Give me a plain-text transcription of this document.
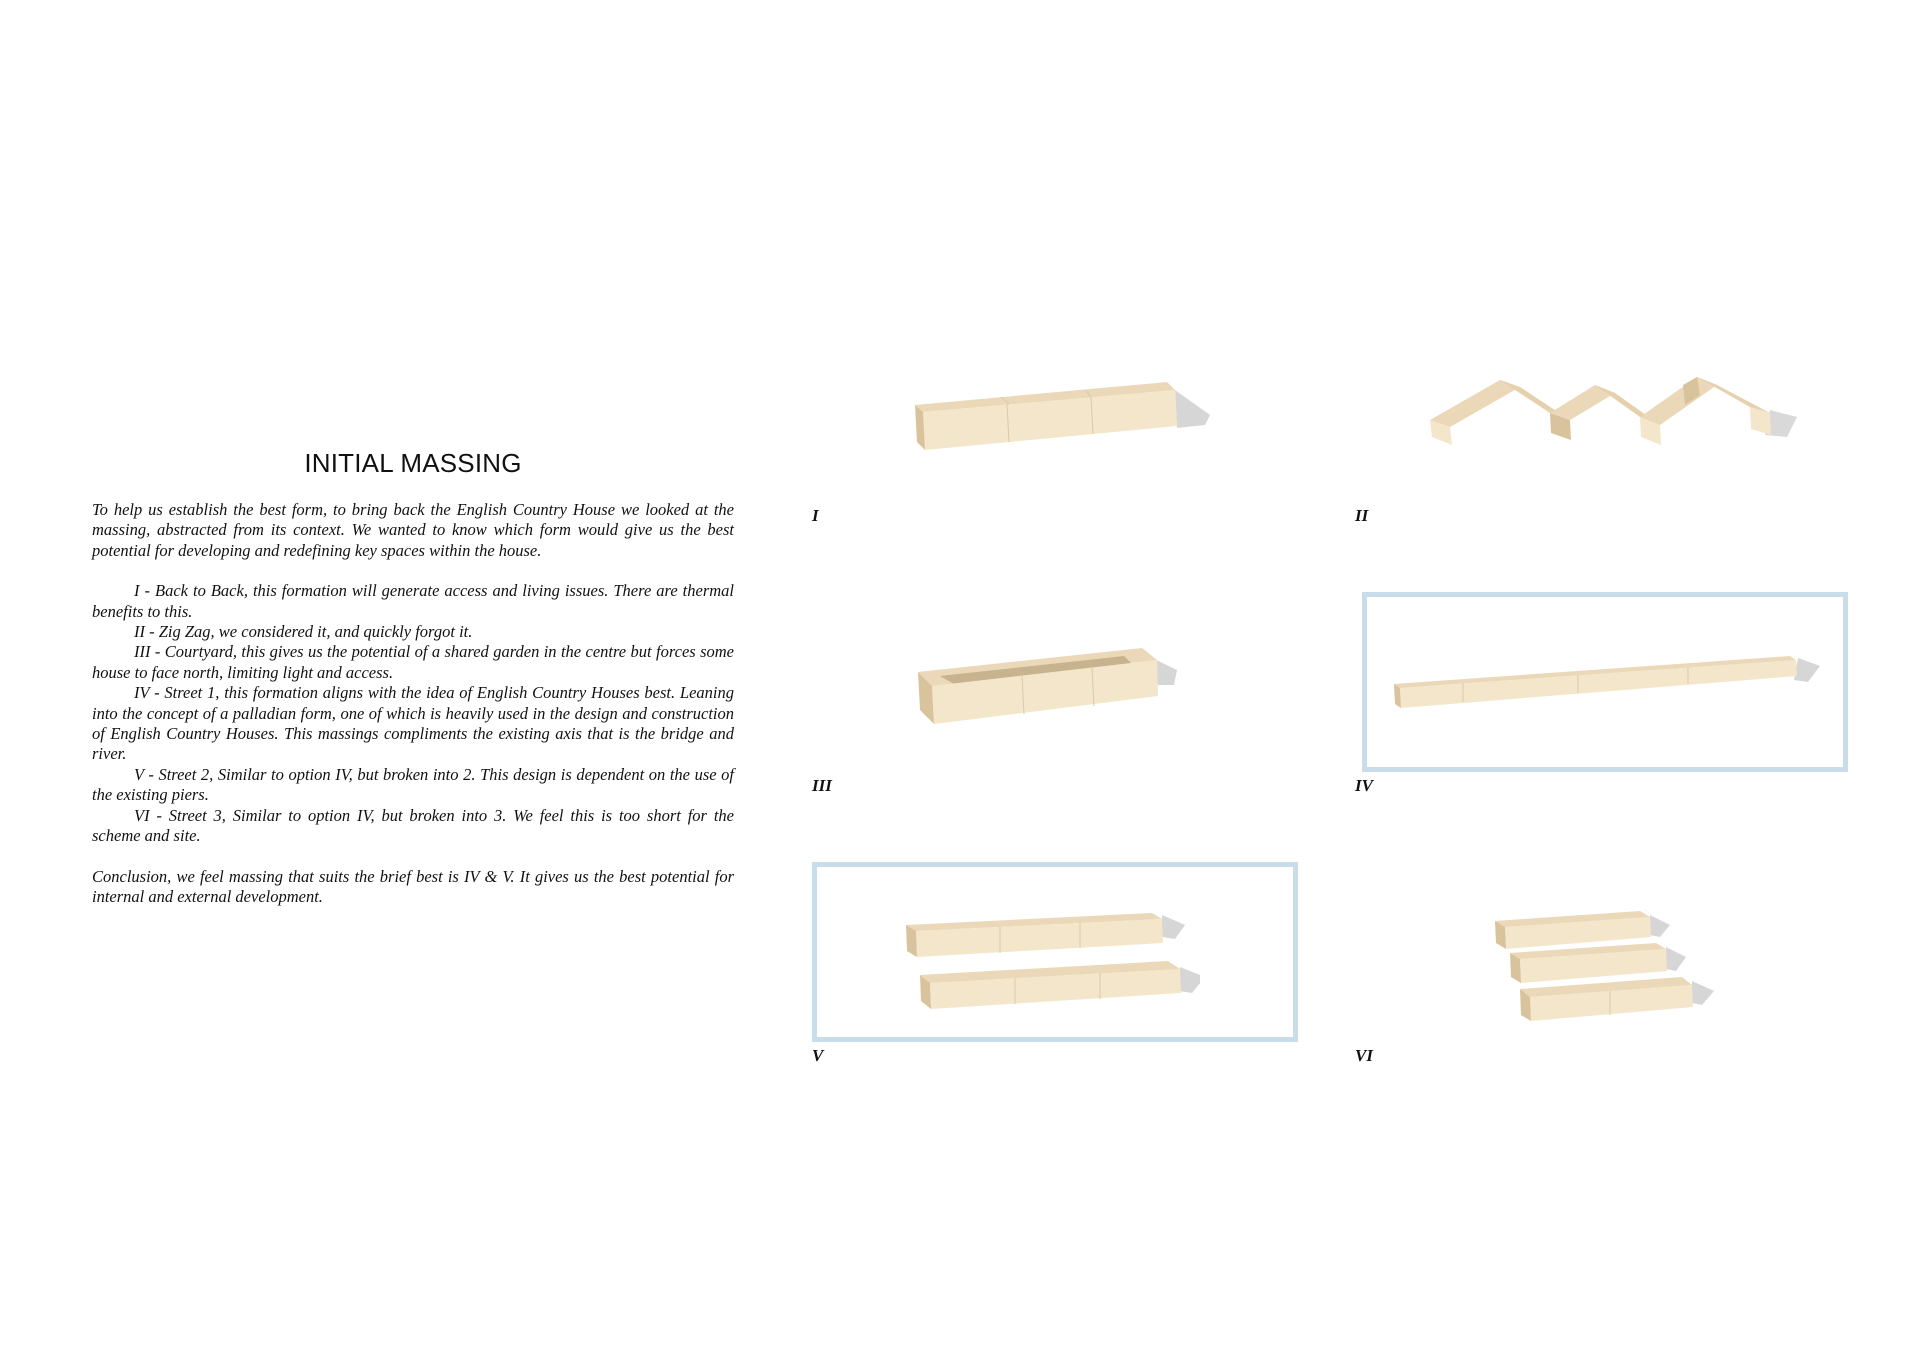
INITIAL MASSING

To help us establish the best form, to bring back the English Country House we looked at the massing, abstracted from its context. We wanted to know which form would give us the best potential for developing and redefining key spaces within the house.

I - Back to Back, this formation will generate access and living issues. There are thermal benefits to this.

II - Zig Zag, we considered it, and quickly forgot it.

III - Courtyard, this gives us the potential of a shared garden in the centre but forces some house to face north, limiting light and access.

IV - Street 1, this formation aligns with the idea of English Country Houses best. Leaning into the concept of a palladian form, one of which is heavily used in the design and construction of English Country Houses. This massings compliments the existing axis that is the bridge and river.

V - Street 2, Similar to option IV, but broken into 2. This design is dependent on the use of the existing piers.

VI - Street 3, Similar to option IV, but broken into 3. We feel this is too short for the scheme and site.

Conclusion, we feel massing that suits the brief best is IV & V. It gives us the best potential for internal and external development.

I	II
III	IV
V	VI
